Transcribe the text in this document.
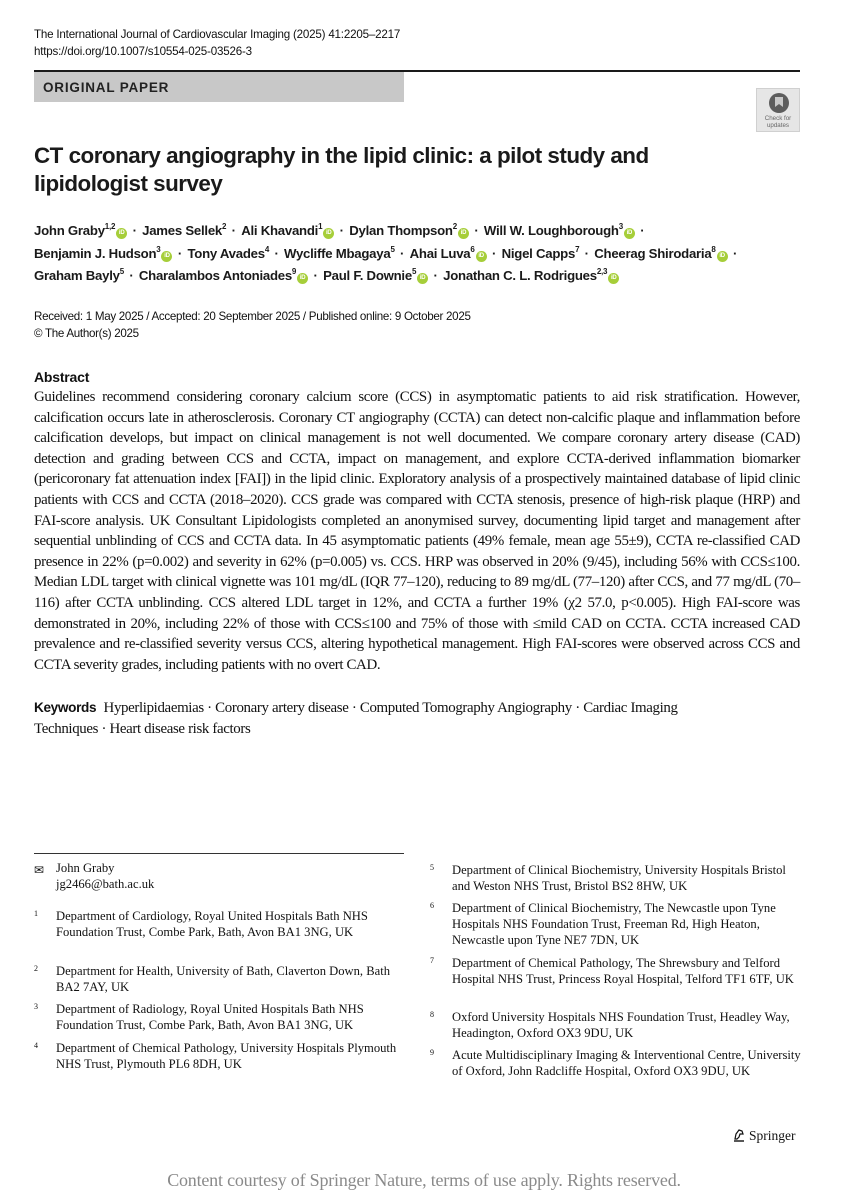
The International Journal of Cardiovascular Imaging (2025) 41:2205–2217
https://doi.org/10.1007/s10554-025-03526-3
ORIGINAL PAPER
Check for updates
CT coronary angiography in the lipid clinic: a pilot study and lipidologist survey
John Graby$^{1,2}$iD · James Sellek$^2$ · Ali Khavandi$^1$iD · Dylan Thompson$^2$iD · Will W. Loughborough$^3$iD ·
Benjamin J. Hudson$^3$iD · Tony Avades$^4$ · Wycliffe Mbagaya$^5$ · Ahai Luva$^6$iD · Nigel Capps$^7$ · Cheerag Shirodaria$^8$iD ·
Graham Bayly$^5$ · Charalambos Antoniades$^9$iD · Paul F. Downie$^5$iD · Jonathan C. L. Rodrigues$^{2,3}$iD
Received: 1 May 2025 / Accepted: 20 September 2025 / Published online: 9 October 2025
© The Author(s) 2025
Abstract
Guidelines recommend considering coronary calcium score (CCS) in asymptomatic patients to aid risk stratification. However, calcification occurs late in atherosclerosis. Coronary CT angiography (CCTA) can detect non-calcific plaque and inflammation before calcification develops, but impact on clinical management is not well documented. We compare coronary artery disease (CAD) detection and grading between CCS and CCTA, impact on management, and explore CCTA-derived inflammation biomarker (pericoronary fat attenuation index [FAI]) in the lipid clinic. Exploratory analysis of a prospectively maintained database of lipid clinic patients with CCS and CCTA (2018–2020). CCS grade was compared with CCTA stenosis, presence of high-risk plaque (HRP) and FAI-score analysis. UK Consultant Lipidologists completed an anonymised survey, documenting lipid target and management after sequential unblinding of CCS and CCTA data. In 45 asymptomatic patients (49% female, mean age 55±9), CCTA re-classified CAD presence in 22% (p=0.002) and severity in 62% (p=0.005) vs. CCS. HRP was observed in 20% (9/45), including 56% with CCS≤100. Median LDL target with clinical vignette was 101 mg/dL (IQR 77–120), reducing to 89 mg/dL (77–120) after CCS, and 77 mg/dL (70–116) after CCTA unblinding. CCS altered LDL target in 12%, and CCTA a further 19% (χ2 57.0, p<0.005). High FAI-score was demonstrated in 20%, including 22% of those with CCS≤100 and 75% of those with ≤mild CAD on CCTA. CCTA increased CAD prevalence and re-classified severity versus CCS, altering hypothetical management. High FAI-scores were observed across CCS and CCTA severity grades, including patients with no overt CAD.
Keywords Hyperlipidaemias · Coronary artery disease · Computed Tomography Angiography · Cardiac Imaging
Techniques · Heart disease risk factors
✉ John Graby
jg2466@bath.ac.uk
1 Department of Cardiology, Royal United Hospitals Bath NHS Foundation Trust, Combe Park, Bath, Avon BA1 3NG, UK
2 Department for Health, University of Bath, Claverton Down, Bath BA2 7AY, UK
3 Department of Radiology, Royal United Hospitals Bath NHS Foundation Trust, Combe Park, Bath, Avon BA1 3NG, UK
4 Department of Chemical Pathology, University Hospitals Plymouth NHS Trust, Plymouth PL6 8DH, UK
5 Department of Clinical Biochemistry, University Hospitals Bristol and Weston NHS Trust, Bristol BS2 8HW, UK
6 Department of Clinical Biochemistry, The Newcastle upon Tyne Hospitals NHS Foundation Trust, Freeman Rd, High Heaton, Newcastle upon Tyne NE7 7DN, UK
7 Department of Chemical Pathology, The Shrewsbury and Telford Hospital NHS Trust, Princess Royal Hospital, Telford TF1 6TF, UK
8 Oxford University Hospitals NHS Foundation Trust, Headley Way, Headington, Oxford OX3 9DU, UK
9 Acute Multidisciplinary Imaging & Interventional Centre, University of Oxford, John Radcliffe Hospital, Oxford OX3 9DU, UK
Springer
Content courtesy of Springer Nature, terms of use apply. Rights reserved.
